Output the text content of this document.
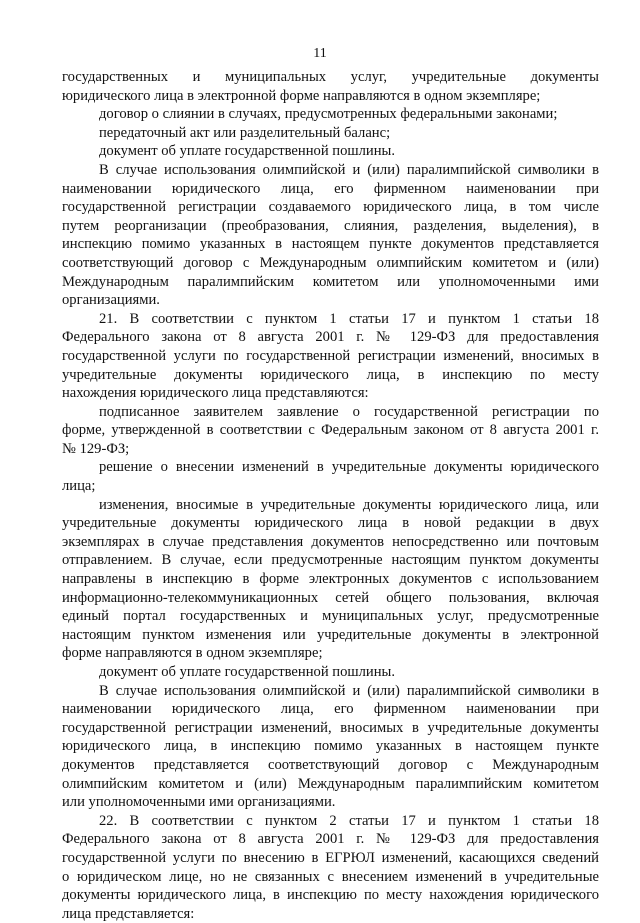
11
государственных и муниципальных услуг, учредительные документы
юридического лица в электронной форме направляются в одном экземпляре;
договор о слиянии в случаях, предусмотренных федеральными законами;
передаточный акт или разделительный баланс;
документ об уплате государственной пошлины.
В случае использования олимпийской и (или) паралимпийской символики в
наименовании юридического лица, его фирменном наименовании при
государственной регистрации создаваемого юридического лица, в том числе
путем реорганизации (преобразования, слияния, разделения, выделения), в
инспекцию помимо указанных в настоящем пункте документов представляется
соответствующий договор с Международным олимпийским комитетом и (или)
Международным паралимпийским комитетом или уполномоченными ими
организациями.
21. В соответствии с пунктом 1 статьи 17 и пунктом 1 статьи 18
Федерального закона от 8 августа 2001 г. № 129-ФЗ для предоставления
государственной услуги по государственной регистрации изменений, вносимых в
учредительные документы юридического лица, в инспекцию по месту
нахождения юридического лица представляются:
подписанное заявителем заявление о государственной регистрации по
форме, утвержденной в соответствии с Федеральным законом от 8 августа 2001 г.
№ 129-ФЗ;
решение о внесении изменений в учредительные документы юридического
лица;
изменения, вносимые в учредительные документы юридического лица, или
учредительные документы юридического лица в новой редакции в двух
экземплярах в случае представления документов непосредственно или почтовым
отправлением. В случае, если предусмотренные настоящим пунктом документы
направлены в инспекцию в форме электронных документов с использованием
информационно-телекоммуникационных сетей общего пользования, включая
единый портал государственных и муниципальных услуг, предусмотренные
настоящим пунктом изменения или учредительные документы в электронной
форме направляются в одном экземпляре;
документ об уплате государственной пошлины.
В случае использования олимпийской и (или) паралимпийской символики в
наименовании юридического лица, его фирменном наименовании при
государственной регистрации изменений, вносимых в учредительные документы
юридического лица, в инспекцию помимо указанных в настоящем пункте
документов представляется соответствующий договор с Международным
олимпийским комитетом и (или) Международным паралимпийским комитетом
или уполномоченными ими организациями.
22. В соответствии с пунктом 2 статьи 17 и пунктом 1 статьи 18
Федерального закона от 8 августа 2001 г. № 129-ФЗ для предоставления
государственной услуги по внесению в ЕГРЮЛ изменений, касающихся сведений
о юридическом лице, но не связанных с внесением изменений в учредительные
документы юридического лица, в инспекцию по месту нахождения юридического
лица представляется:
